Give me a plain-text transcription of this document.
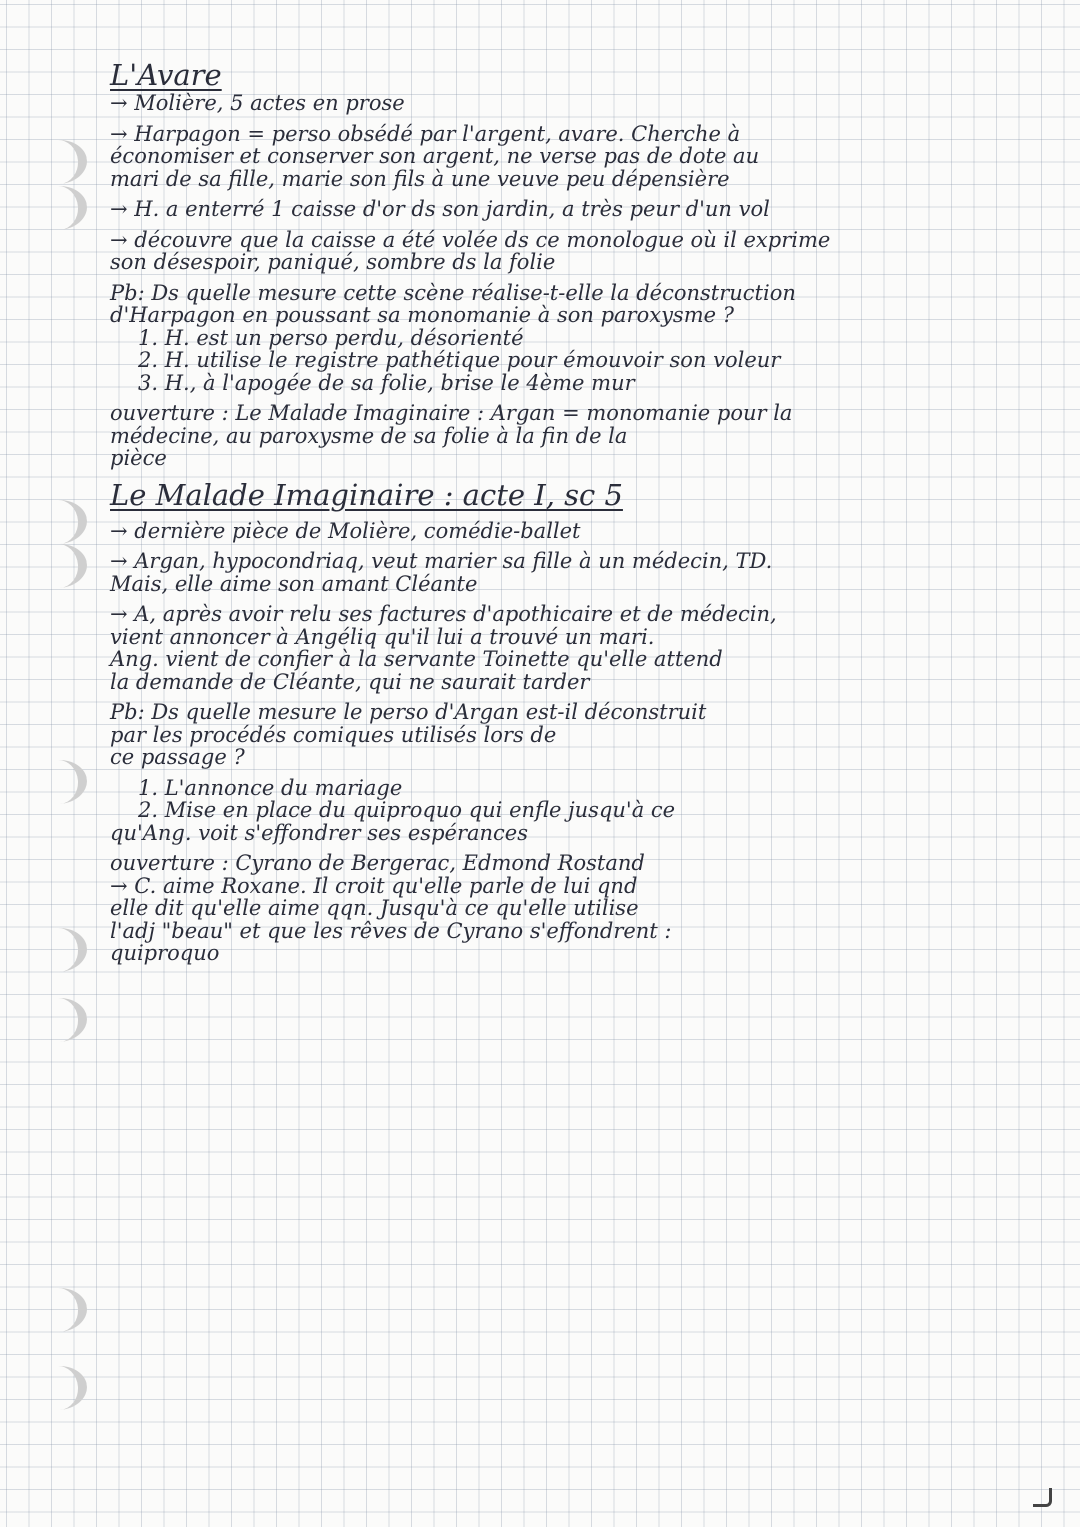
L'Avare

→ Molière, 5 actes en prose

→ Harpagon = perso obsédé par l'argent, avare. Cherche à

économiser et conserver son argent, ne verse pas de dote au

mari de sa fille, marie son fils à une veuve peu dépensière

→ H. a enterré 1 caisse d'or ds son jardin, a très peur d'un vol

→ découvre que la caisse a été volée ds ce monologue où il exprime

son désespoir, paniqué, sombre ds la folie

Pb: Ds quelle mesure cette scène réalise-t-elle la déconstruction

d'Harpagon en poussant sa monomanie à son paroxysme ?

1. H. est un perso perdu, désorienté

2. H. utilise le registre pathétique pour émouvoir son voleur

3. H., à l'apogée de sa folie, brise le 4ème mur

ouverture : Le Malade Imaginaire : Argan = monomanie pour la

médecine, au paroxysme de sa folie à la fin de la

pièce

Le Malade Imaginaire : acte I, sc 5

→ dernière pièce de Molière, comédie-ballet

→ Argan, hypocondriaq, veut marier sa fille à un médecin, TD.

Mais, elle aime son amant Cléante

→ A, après avoir relu ses factures d'apothicaire et de médecin,

vient annoncer à Angéliq qu'il lui a trouvé un mari.

Ang. vient de confier à la servante Toinette qu'elle attend

la demande de Cléante, qui ne saurait tarder

Pb: Ds quelle mesure le perso d'Argan est-il déconstruit

par les procédés comiques utilisés lors de

ce passage ?

1. L'annonce du mariage

2. Mise en place du quiproquo qui enfle jusqu'à ce

qu'Ang. voit s'effondrer ses espérances

ouverture : Cyrano de Bergerac, Edmond Rostand

→ C. aime Roxane. Il croit qu'elle parle de lui qnd

elle dit qu'elle aime qqn. Jusqu'à ce qu'elle utilise

l'adj "beau" et que les rêves de Cyrano s'effondrent :

quiproquo
